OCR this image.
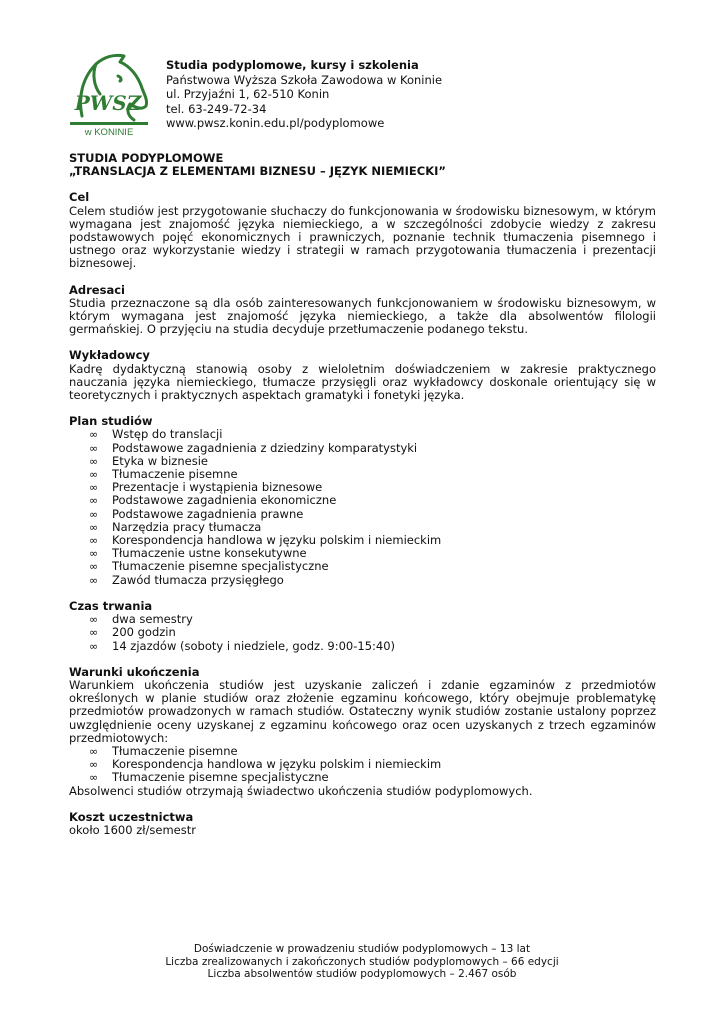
PWSZ
w KONINIE
Studia podyplomowe, kursy i szkolenia
Państwowa Wyższa Szkoła Zawodowa w Koninie
ul. Przyjaźni 1, 62-510 Konin
tel. 63-249-72-34
www.pwsz.konin.edu.pl/podyplomowe
STUDIA PODYPLOMOWE
„TRANSLACJA Z ELEMENTAMI BIZNESU – JĘZYK NIEMIECKI”
Cel

Celem studiów jest przygotowanie słuchaczy do funkcjonowania w środowisku biznesowym, w którym wymagana jest znajomość języka niemieckiego, a w szczególności zdobycie wiedzy z zakresu podstawowych pojęć ekonomicznych i prawniczych, poznanie technik tłumaczenia pisemnego i ustnego oraz wykorzystanie wiedzy i strategii w ramach przygotowania tłumaczenia i prezentacji biznesowej.

Adresaci

Studia przeznaczone są dla osób zainteresowanych funkcjonowaniem w środowisku biznesowym, w którym wymagana jest znajomość języka niemieckiego, a także dla absolwentów filologii germańskiej. O przyjęciu na studia decyduje przetłumaczenie podanego tekstu.

Wykładowcy

Kadrę dydaktyczną stanowią osoby z wieloletnim doświadczeniem w zakresie praktycznego nauczania języka niemieckiego, tłumacze przysięgli oraz wykładowcy doskonale orientujący się w teoretycznych i praktycznych aspektach gramatyki i fonetyki języka.

Plan studiów
∞ Wstęp do translacji
∞ Podstawowe zagadnienia z dziedziny komparatystyki
∞ Etyka w biznesie
∞ Tłumaczenie pisemne
∞ Prezentacje i wystąpienia biznesowe
∞ Podstawowe zagadnienia ekonomiczne
∞ Podstawowe zagadnienia prawne
∞ Narzędzia pracy tłumacza
∞ Korespondencja handlowa w języku polskim i niemieckim
∞ Tłumaczenie ustne konsekutywne
∞ Tłumaczenie pisemne specjalistyczne
∞ Zawód tłumacza przysięgłego
Czas trwania
∞ dwa semestry
∞ 200 godzin
∞ 14 zjazdów (soboty i niedziele, godz. 9:00-15:40)
Warunki ukończenia

Warunkiem ukończenia studiów jest uzyskanie zaliczeń i zdanie egzaminów z przedmiotów określonych w planie studiów oraz złożenie egzaminu końcowego, który obejmuje problematykę przedmiotów prowadzonych w ramach studiów. Ostateczny wynik studiów zostanie ustalony poprzez uwzględnienie oceny uzyskanej z egzaminu końcowego oraz ocen uzyskanych z trzech egzaminów przedmiotowych:

∞ Tłumaczenie pisemne
∞ Korespondencja handlowa w języku polskim i niemieckim
∞ Tłumaczenie pisemne specjalistyczne

Absolwenci studiów otrzymają świadectwo ukończenia studiów podyplomowych.

Koszt uczestnictwa

około 1600 zł/semestr

Doświadczenie w prowadzeniu studiów podyplomowych – 13 lat
Liczba zrealizowanych i zakończonych studiów podyplomowych – 66 edycji
Liczba absolwentów studiów podyplomowych – 2.467 osób
